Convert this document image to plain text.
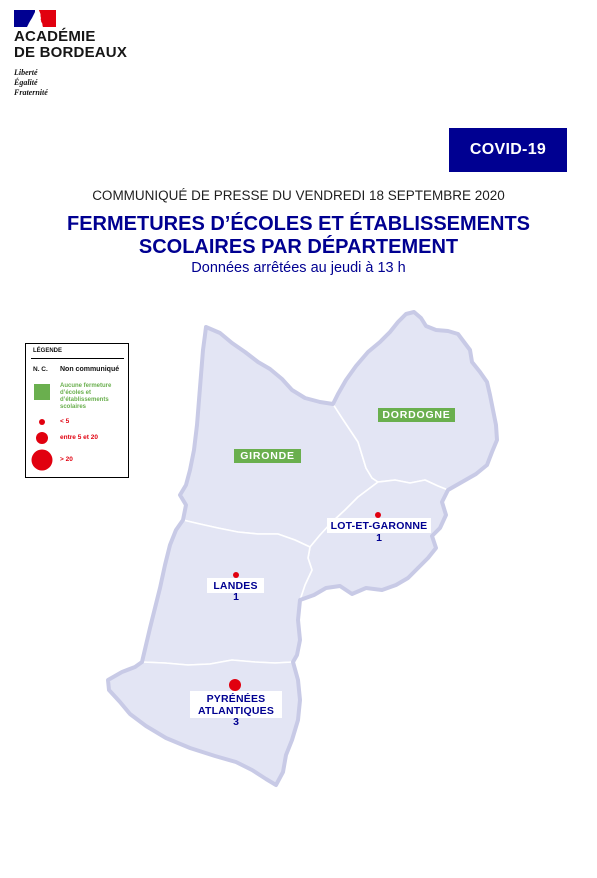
ACADÉMIE
DE BORDEAUX
Liberté
Égalité
Fraternité
COVID-19
COMMUNIQUÉ DE PRESSE DU VENDREDI 18 SEPTEMBRE 2020
FERMETURES D’ÉCOLES ET ÉTABLISSEMENTS
SCOLAIRES PAR DÉPARTEMENT
Données arrêtées au jeudi à 13 h
DORDOGNE
GIRONDE
LOT-ET-GARONNE
1
LANDES
1
PYRÉNÉES ATLANTIQUES
3
LÉGENDE
N. C. Non communiqué
Aucune fermeture d’écoles et d’établissements scolaires
< 5
entre 5 et 20
> 20
